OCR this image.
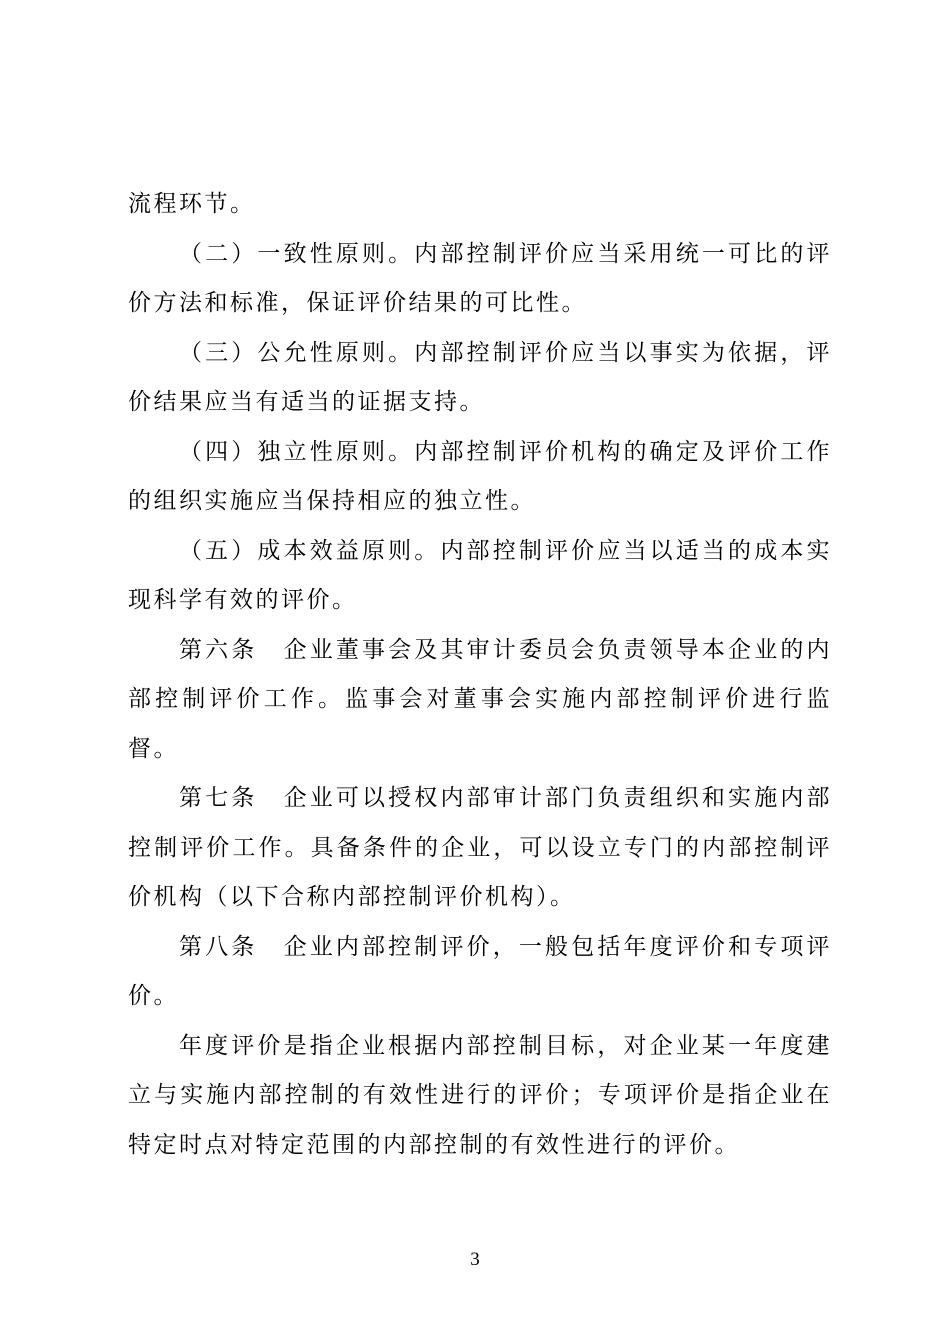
流程环节。

（二）一致性原则。内部控制评价应当采用统一可比的评价方法和标准，保证评价结果的可比性。

（三）公允性原则。内部控制评价应当以事实为依据，评价结果应当有适当的证据支持。

（四）独立性原则。内部控制评价机构的确定及评价工作的组织实施应当保持相应的独立性。

（五）成本效益原则。内部控制评价应当以适当的成本实现科学有效的评价。

第六条　企业董事会及其审计委员会负责领导本企业的内部控制评价工作。监事会对董事会实施内部控制评价进行监督。

第七条　企业可以授权内部审计部门负责组织和实施内部控制评价工作。具备条件的企业，可以设立专门的内部控制评价机构（以下合称内部控制评价机构）。

第八条　企业内部控制评价，一般包括年度评价和专项评价。

年度评价是指企业根据内部控制目标，对企业某一年度建立与实施内部控制的有效性进行的评价；专项评价是指企业在特定时点对特定范围的内部控制的有效性进行的评价。

3
